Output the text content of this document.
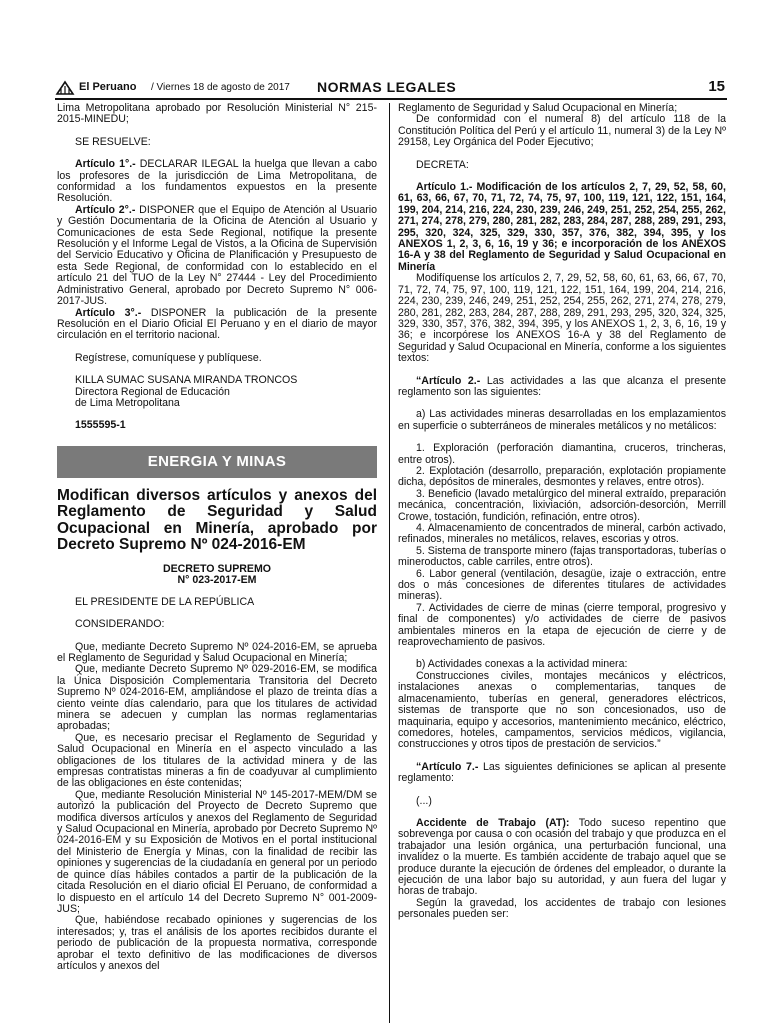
El Peruano / Viernes 18 de agosto de 2017 NORMAS LEGALES	15

Lima Metropolitana aprobado por Resolución Ministerial N° 215-2015-MINEDU;

SE RESUELVE:

Artículo 1°.- DECLARAR ILEGAL la huelga que llevan a cabo los profesores de la jurisdicción de Lima Metropolitana, de conformidad a los fundamentos expuestos en la presente Resolución.

Artículo 2°.- DISPONER que el Equipo de Atención al Usuario y Gestión Documentaria de la Oficina de Atención al Usuario y Comunicaciones de esta Sede Regional, notifique la presente Resolución y el Informe Legal de Vistos, a la Oficina de Supervisión del Servicio Educativo y Oficina de Planificación y Presupuesto de esta Sede Regional, de conformidad con lo establecido en el artículo 21 del TUO de la Ley N° 27444 - Ley del Procedimiento Administrativo General, aprobado por Decreto Supremo N° 006-2017-JUS.

Artículo 3°.- DISPONER la publicación de la presente Resolución en el Diario Oficial El Peruano y en el diario de mayor circulación en el territorio nacional.

Regístrese, comuníquese y publíquese.

KILLA SUMAC SUSANA MIRANDA TRONCOS

Directora Regional de Educación

de Lima Metropolitana

1555595-1

ENERGIA Y MINAS
Modifican diversos artículos y anexos del Reglamento de Seguridad y Salud Ocupacional en Minería, aprobado por Decreto Supremo Nº 024-2016-EM
DECRETO SUPREMO
N° 023-2017-EM

EL PRESIDENTE DE LA REPÚBLICA

CONSIDERANDO:

Que, mediante Decreto Supremo Nº 024-2016-EM, se aprueba el Reglamento de Seguridad y Salud Ocupacional en Minería;

Que, mediante Decreto Supremo Nº 029-2016-EM, se modifica la Única Disposición Complementaria Transitoria del Decreto Supremo Nº 024-2016-EM, ampliándose el plazo de treinta días a ciento veinte días calendario, para que los titulares de actividad minera se adecuen y cumplan las normas reglamentarias aprobadas;

Que, es necesario precisar el Reglamento de Seguridad y Salud Ocupacional en Minería en el aspecto vinculado a las obligaciones de los titulares de la actividad minera y de las empresas contratistas mineras a fin de coadyuvar al cumplimiento de las obligaciones en éste contenidas;

Que, mediante Resolución Ministerial Nº 145-2017-MEM/DM se autorizó la publicación del Proyecto de Decreto Supremo que modifica diversos artículos y anexos del Reglamento de Seguridad y Salud Ocupacional en Minería, aprobado por Decreto Supremo Nº 024-2016-EM y su Exposición de Motivos en el portal institucional del Ministerio de Energía y Minas, con la finalidad de recibir las opiniones y sugerencias de la ciudadanía en general por un periodo de quince días hábiles contados a partir de la publicación de la citada Resolución en el diario oficial El Peruano, de conformidad a lo dispuesto en el artículo 14 del Decreto Supremo N° 001-2009-JUS;

Que, habiéndose recabado opiniones y sugerencias de los interesados; y, tras el análisis de los aportes recibidos durante el periodo de publicación de la propuesta normativa, corresponde aprobar el texto definitivo de las modificaciones de diversos artículos y anexos del

Reglamento de Seguridad y Salud Ocupacional en Minería;

De conformidad con el numeral 8) del artículo 118 de la Constitución Política del Perú y el artículo 11, numeral 3) de la Ley Nº 29158, Ley Orgánica del Poder Ejecutivo;

DECRETA:

Artículo 1.- Modificación de los artículos 2, 7, 29, 52, 58, 60, 61, 63, 66, 67, 70, 71, 72, 74, 75, 97, 100, 119, 121, 122, 151, 164, 199, 204, 214, 216, 224, 230, 239, 246, 249, 251, 252, 254, 255, 262, 271, 274, 278, 279, 280, 281, 282, 283, 284, 287, 288, 289, 291, 293, 295, 320, 324, 325, 329, 330, 357, 376, 382, 394, 395, y los ANEXOS 1, 2, 3, 6, 16, 19 y 36; e incorporación de los ANEXOS 16-A y 38 del Reglamento de Seguridad y Salud Ocupacional en Minería

Modifíquense los artículos 2, 7, 29, 52, 58, 60, 61, 63, 66, 67, 70, 71, 72, 74, 75, 97, 100, 119, 121, 122, 151, 164, 199, 204, 214, 216, 224, 230, 239, 246, 249, 251, 252, 254, 255, 262, 271, 274, 278, 279, 280, 281, 282, 283, 284, 287, 288, 289, 291, 293, 295, 320, 324, 325, 329, 330, 357, 376, 382, 394, 395, y los ANEXOS 1, 2, 3, 6, 16, 19 y 36; e incorpórese los ANEXOS 16-A y 38 del Reglamento de Seguridad y Salud Ocupacional en Minería, conforme a los siguientes textos:

“Artículo 2.- Las actividades a las que alcanza el presente reglamento son las siguientes:

a) Las actividades mineras desarrolladas en los emplazamientos en superficie o subterráneos de minerales metálicos y no metálicos:

1. Exploración (perforación diamantina, cruceros, trincheras, entre otros).

2. Explotación (desarrollo, preparación, explotación propiamente dicha, depósitos de minerales, desmontes y relaves, entre otros).

3. Beneficio (lavado metalúrgico del mineral extraído, preparación mecánica, concentración, lixiviación, adsorción-desorción, Merrill Crowe, tostación, fundición, refinación, entre otros).

4. Almacenamiento de concentrados de mineral, carbón activado, refinados, minerales no metálicos, relaves, escorias y otros.

5. Sistema de transporte minero (fajas transportadoras, tuberías o mineroductos, cable carriles, entre otros).

6. Labor general (ventilación, desagüe, izaje o extracción, entre dos o más concesiones de diferentes titulares de actividades mineras).

7. Actividades de cierre de minas (cierre temporal, progresivo y final de componentes) y/o actividades de cierre de pasivos ambientales mineros en la etapa de ejecución de cierre y de reaprovechamiento de pasivos.

b) Actividades conexas a la actividad minera:

Construcciones civiles, montajes mecánicos y eléctricos, instalaciones anexas o complementarias, tanques de almacenamiento, tuberías en general, generadores eléctricos, sistemas de transporte que no son concesionados, uso de maquinaria, equipo y accesorios, mantenimiento mecánico, eléctrico, comedores, hoteles, campamentos, servicios médicos, vigilancia, construcciones y otros tipos de prestación de servicios.”

“Artículo 7.- Las siguientes definiciones se aplican al presente reglamento:

(...)

Accidente de Trabajo (AT): Todo suceso repentino que sobrevenga por causa o con ocasión del trabajo y que produzca en el trabajador una lesión orgánica, una perturbación funcional, una invalidez o la muerte. Es también accidente de trabajo aquel que se produce durante la ejecución de órdenes del empleador, o durante la ejecución de una labor bajo su autoridad, y aun fuera del lugar y horas de trabajo.

Según la gravedad, los accidentes de trabajo con lesiones personales pueden ser:
